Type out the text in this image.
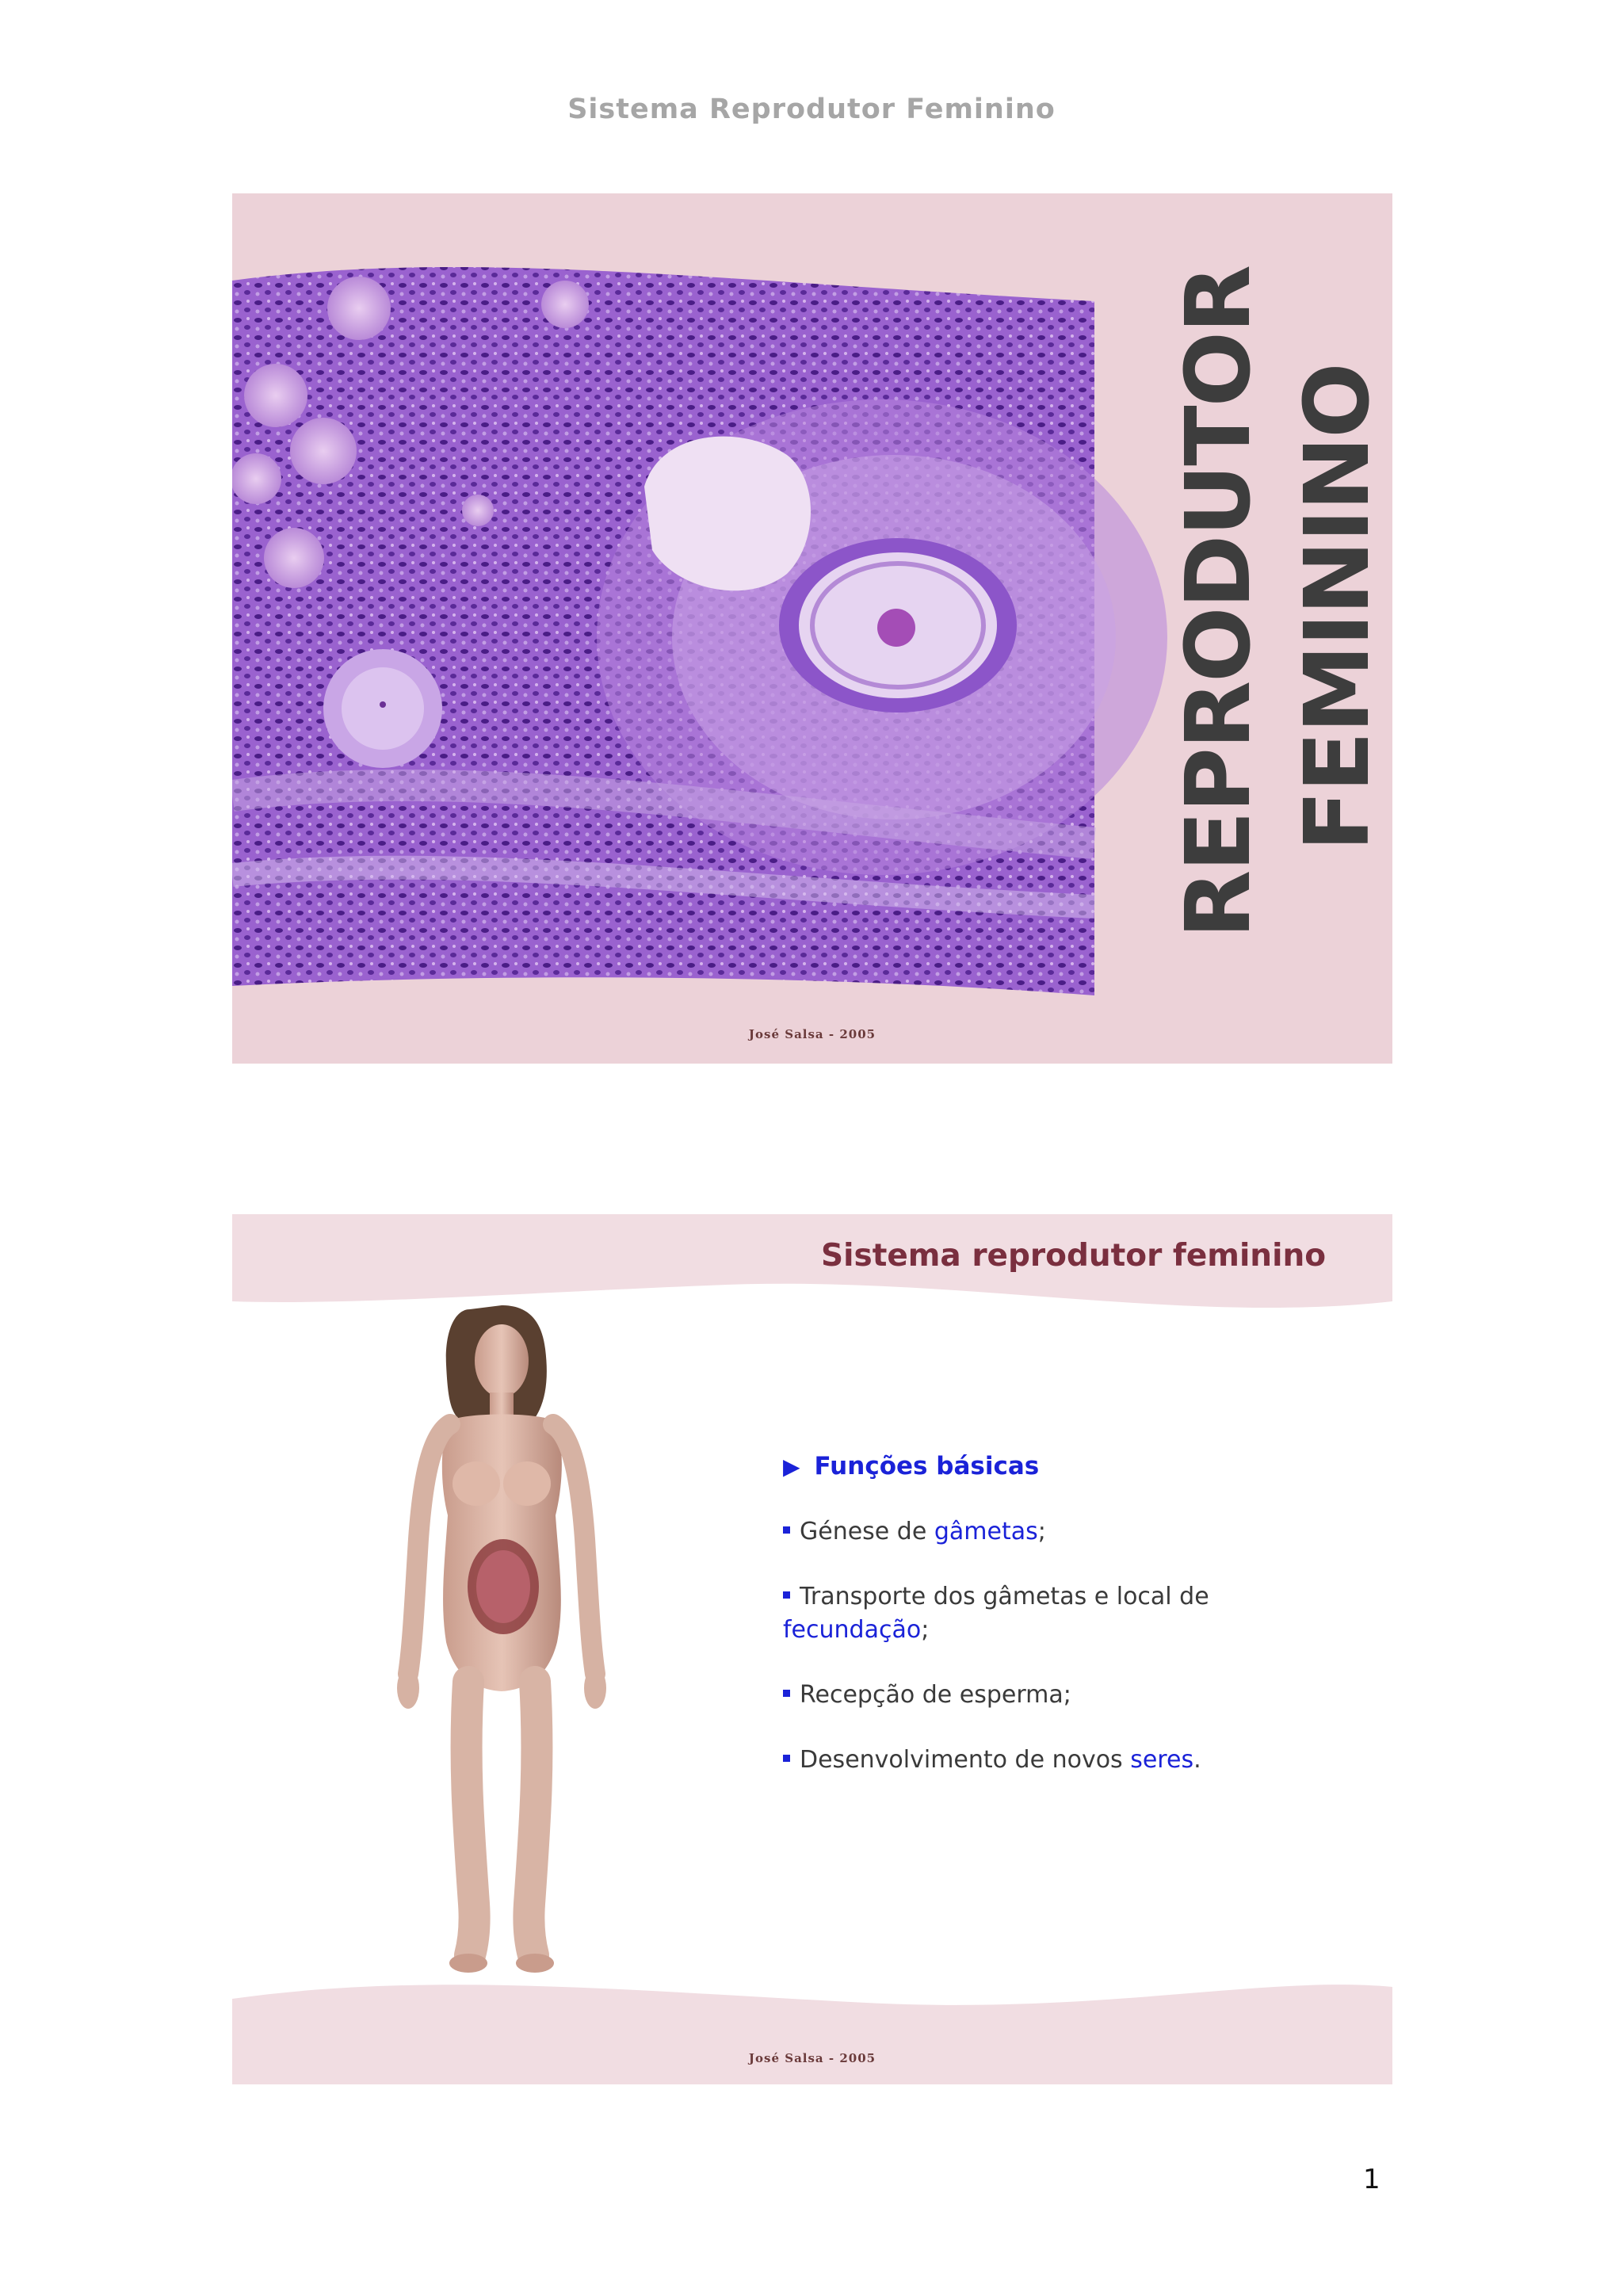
Sistema Reprodutor Feminino
REPRODUTOR FEMININO
José Salsa - 2005
Sistema reprodutor feminino
▶ Funções básicas
Génese de gâmetas;
Transporte dos gâmetas e local de fecundação;
Recepção de esperma;
Desenvolvimento de novos seres.
José Salsa - 2005
1
